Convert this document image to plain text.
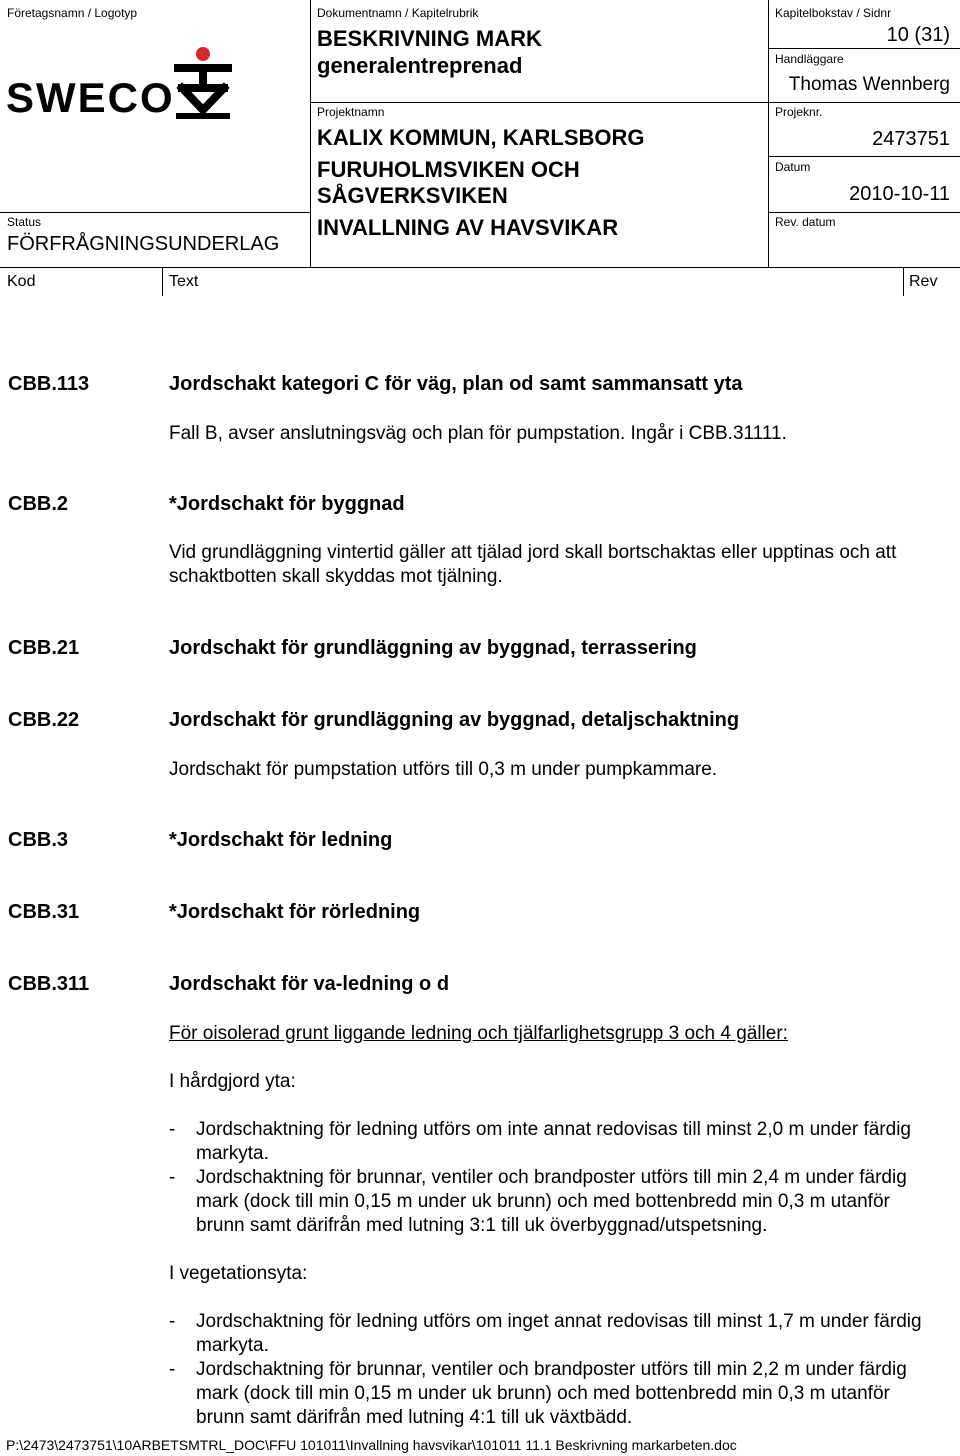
Företagsnamn / Logotyp
SWECO
Status
FÖRFRÅGNINGSUNDERLAG
Dokumentnamn / Kapitelrubrik
BESKRIVNING MARK
generalentreprenad
Projektnamn
KALIX KOMMUN, KARLSBORG
FURUHOLMSVIKEN OCH
SÅGVERKSVIKEN
INVALLNING AV HAVSVIKAR
Kapitelbokstav / Sidnr
10 (31)
Handläggare
Thomas Wennberg
Projeknr.
2473751
Datum
2010-10-11
Rev. datum
Kod	Text	Rev
CBB.113	Jordschakt kategori C för väg, plan od samt sammansatt yta
Fall B, avser anslutningsväg och plan för pumpstation. Ingår i CBB.31111.
CBB.2	*Jordschakt för byggnad
Vid grundläggning vintertid gäller att tjälad jord skall bortschaktas eller upptinas och att schaktbotten skall skyddas mot tjälning.
CBB.21	Jordschakt för grundläggning av byggnad, terrassering
CBB.22	Jordschakt för grundläggning av byggnad, detaljschaktning
Jordschakt för pumpstation utförs till 0,3 m under pumpkammare.
CBB.3	*Jordschakt för ledning
CBB.31	*Jordschakt för rörledning
CBB.311	Jordschakt för va-ledning o d
För oisolerad grunt liggande ledning och tjälfarlighetsgrupp 3 och 4 gäller:
I hårdgjord yta:
- Jordschaktning för ledning utförs om inte annat redovisas till minst 2,0 m under färdig markyta.
- Jordschaktning för brunnar, ventiler och brandposter utförs till min 2,4 m under färdig mark (dock till min 0,15 m under uk brunn) och med bottenbredd min 0,3 m utanför brunn samt därifrån med lutning 3:1 till uk överbyggnad/utspetsning.
I vegetationsyta:
- Jordschaktning för ledning utförs om inget annat redovisas till minst 1,7 m under färdig markyta.
- Jordschaktning för brunnar, ventiler och brandposter utförs till min 2,2 m under färdig mark (dock till min 0,15 m under uk brunn) och med bottenbredd min 0,3 m utanför brunn samt därifrån med lutning 4:1 till uk växtbädd.
P:\2473\2473751\10ARBETSMTRL_DOC\FFU 101011\Invallning havsvikar\101011 11.1 Beskrivning markarbeten.doc
